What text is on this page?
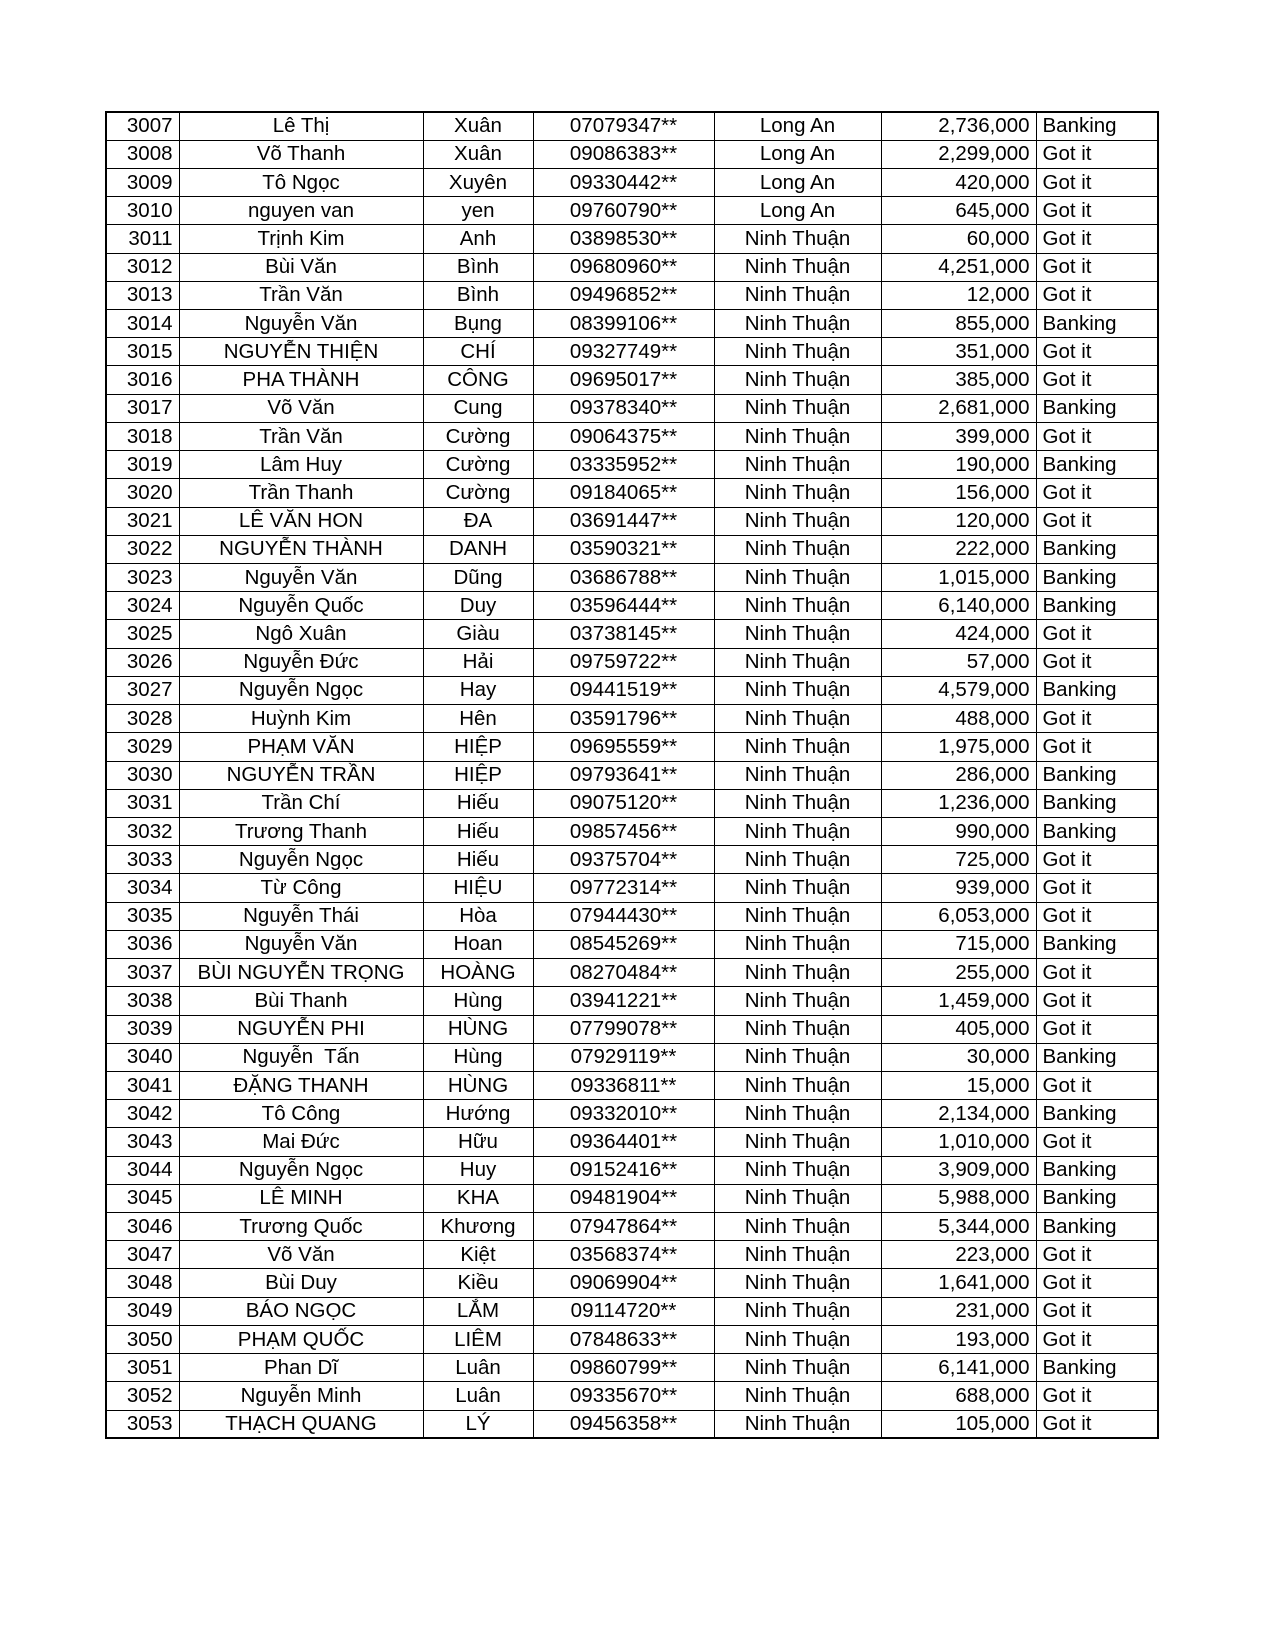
3007	Lê Thị	Xuân	07079347**	Long An	2,736,000	Banking
3008	Võ Thanh	Xuân	09086383**	Long An	2,299,000	Got it
3009	Tô Ngọc	Xuyên	09330442**	Long An	420,000	Got it
3010	nguyen van	yen	09760790**	Long An	645,000	Got it
3011	Trịnh Kim	Anh	03898530**	Ninh Thuận	60,000	Got it
3012	Bùi Văn	Bình	09680960**	Ninh Thuận	4,251,000	Got it
3013	Trần Văn	Bình	09496852**	Ninh Thuận	12,000	Got it
3014	Nguyễn Văn	Bụng	08399106**	Ninh Thuận	855,000	Banking
3015	NGUYỄN THIỆN	CHÍ	09327749**	Ninh Thuận	351,000	Got it
3016	PHA THÀNH	CÔNG	09695017**	Ninh Thuận	385,000	Got it
3017	Võ Văn	Cung	09378340**	Ninh Thuận	2,681,000	Banking
3018	Trần Văn	Cường	09064375**	Ninh Thuận	399,000	Got it
3019	Lâm Huy	Cường	03335952**	Ninh Thuận	190,000	Banking
3020	Trần Thanh	Cường	09184065**	Ninh Thuận	156,000	Got it
3021	LÊ VĂN HON	ĐA	03691447**	Ninh Thuận	120,000	Got it
3022	NGUYỄN THÀNH	DANH	03590321**	Ninh Thuận	222,000	Banking
3023	Nguyễn Văn	Dũng	03686788**	Ninh Thuận	1,015,000	Banking
3024	Nguyễn Quốc	Duy	03596444**	Ninh Thuận	6,140,000	Banking
3025	Ngô Xuân	Giàu	03738145**	Ninh Thuận	424,000	Got it
3026	Nguyễn Đức	Hải	09759722**	Ninh Thuận	57,000	Got it
3027	Nguyễn Ngọc	Hay	09441519**	Ninh Thuận	4,579,000	Banking
3028	Huỳnh Kim	Hên	03591796**	Ninh Thuận	488,000	Got it
3029	PHẠM VĂN	HIỆP	09695559**	Ninh Thuận	1,975,000	Got it
3030	NGUYỄN TRẦN	HIỆP	09793641**	Ninh Thuận	286,000	Banking
3031	Trần Chí	Hiếu	09075120**	Ninh Thuận	1,236,000	Banking
3032	Trương Thanh	Hiếu	09857456**	Ninh Thuận	990,000	Banking
3033	Nguyễn Ngọc	Hiếu	09375704**	Ninh Thuận	725,000	Got it
3034	Từ Công	HIỆU	09772314**	Ninh Thuận	939,000	Got it
3035	Nguyễn Thái	Hòa	07944430**	Ninh Thuận	6,053,000	Got it
3036	Nguyễn Văn	Hoan	08545269**	Ninh Thuận	715,000	Banking
3037	BÙI NGUYỄN TRỌNG	HOÀNG	08270484**	Ninh Thuận	255,000	Got it
3038	Bùi Thanh	Hùng	03941221**	Ninh Thuận	1,459,000	Got it
3039	NGUYỄN PHI	HÙNG	07799078**	Ninh Thuận	405,000	Got it
3040	Nguyễn  Tấn	Hùng	07929119**	Ninh Thuận	30,000	Banking
3041	ĐẶNG THANH	HÙNG	09336811**	Ninh Thuận	15,000	Got it
3042	Tô Công	Hướng	09332010**	Ninh Thuận	2,134,000	Banking
3043	Mai Đức	Hữu	09364401**	Ninh Thuận	1,010,000	Got it
3044	Nguyễn Ngọc	Huy	09152416**	Ninh Thuận	3,909,000	Banking
3045	LÊ MINH	KHA	09481904**	Ninh Thuận	5,988,000	Banking
3046	Trương Quốc	Khương	07947864**	Ninh Thuận	5,344,000	Banking
3047	Võ Văn	Kiệt	03568374**	Ninh Thuận	223,000	Got it
3048	Bùi Duy	Kiều	09069904**	Ninh Thuận	1,641,000	Got it
3049	BÁO NGỌC	LẮM	09114720**	Ninh Thuận	231,000	Got it
3050	PHẠM QUỐC	LIÊM	07848633**	Ninh Thuận	193,000	Got it
3051	Phan Dĩ	Luân	09860799**	Ninh Thuận	6,141,000	Banking
3052	Nguyễn Minh	Luân	09335670**	Ninh Thuận	688,000	Got it
3053	THẠCH QUANG	LÝ	09456358**	Ninh Thuận	105,000	Got it
